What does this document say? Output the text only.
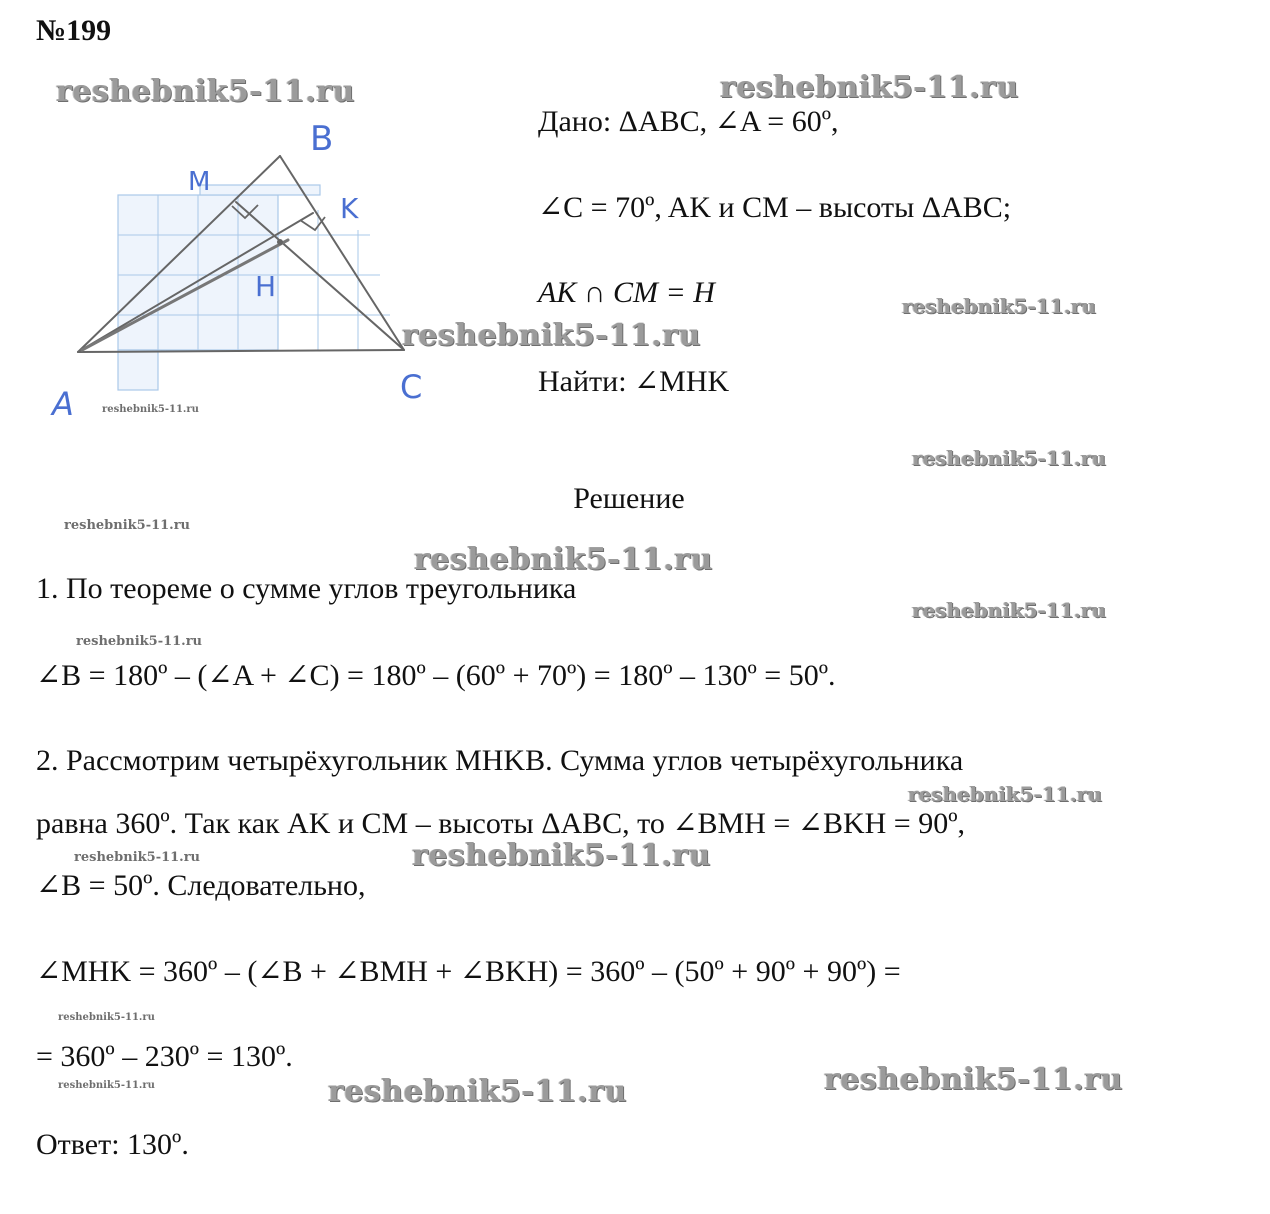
№199
B
M
K
H
A	C
Дано: ΔABC, ∠A = 60º,
∠C = 70º, AK и CM – высоты ΔABC;
AK ∩ CM = H
Найти: ∠MHK
Решение
1. По теореме о сумме углов треугольника
∠B = 180º – (∠A + ∠C) = 180º – (60º + 70º) = 180º – 130º = 50º.
2. Рассмотрим четырёхугольник MHKB. Сумма углов четырёхугольника
равна 360º. Так как AK и CM – высоты ΔABC, то ∠BMH = ∠BKH = 90º,
∠B = 50º. Следовательно,
∠MHK = 360º – (∠B + ∠BMH + ∠BKH) = 360º – (50º + 90º + 90º) =
= 360º – 230º = 130º.
Ответ: 130º.
reshebnik5-11.ru	reshebnik5-11.ru
reshebnik5-11.ru
reshebnik5-11.ru
reshebnik5-11.ru
reshebnik5-11.ru
reshebnik5-11.ru
reshebnik5-11.ru
reshebnik5-11.ru
reshebnik5-11.ru
reshebnik5-11.ru
reshebnik5-11.ru
reshebnik5-11.ru
reshebnik5-11.ru
reshebnik5-11.ru
reshebnik5-11.ru	reshebnik5-11.ru
